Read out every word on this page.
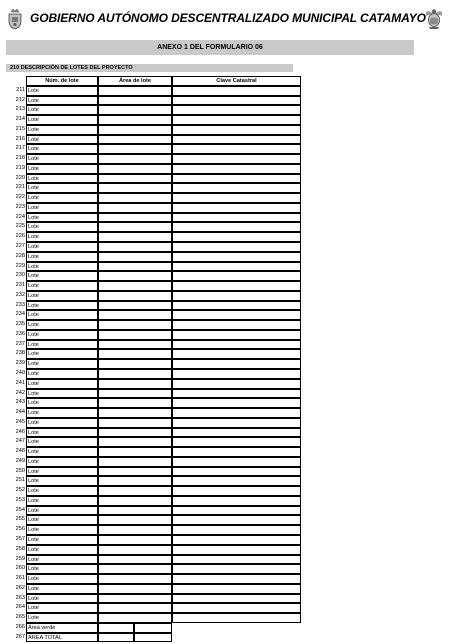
GOBIERNO AUTÓNOMO DESCENTRALIZADO MUNICIPAL CATAMAYO
ANEXO 1 DEL FORMULARIO 06
210 DESCRIPCIÓN DE LOTES DEL PROYECTO
Núm. de lote	Área de lote	Clave Catastral
211 Lote
212 Lote
213 Lote
214 Lote
215 Lote
216 Lote
217 Lote
218 Lote
219 Lote
220 Lote
221 Lote
222 Lote
223 Lote
224 Lote
225 Lote
226 Lote
227 Lote
228 Lote
229 Lote
230 Lote
231 Lote
232 Lote
233 Lote
234 Lote
235 Lote
236 Lote
237 Lote
238 Lote
239 Lote
240 Lote
241 Lote
242 Lote
243 Lote
244 Lote
245 Lote
246 Lote
247 Lote
248 Lote
249 Lote
250 Lote
251 Lote
252 Lote
253 Lote
254 Lote
255 Lote
256 Lote
257 Lote
258 Lote
259 Lote
260 Lote
261 Lote
262 Lote
263 Lote
264 Lote
265 Lote
266 Área verde
267 ÁREA TOTAL
